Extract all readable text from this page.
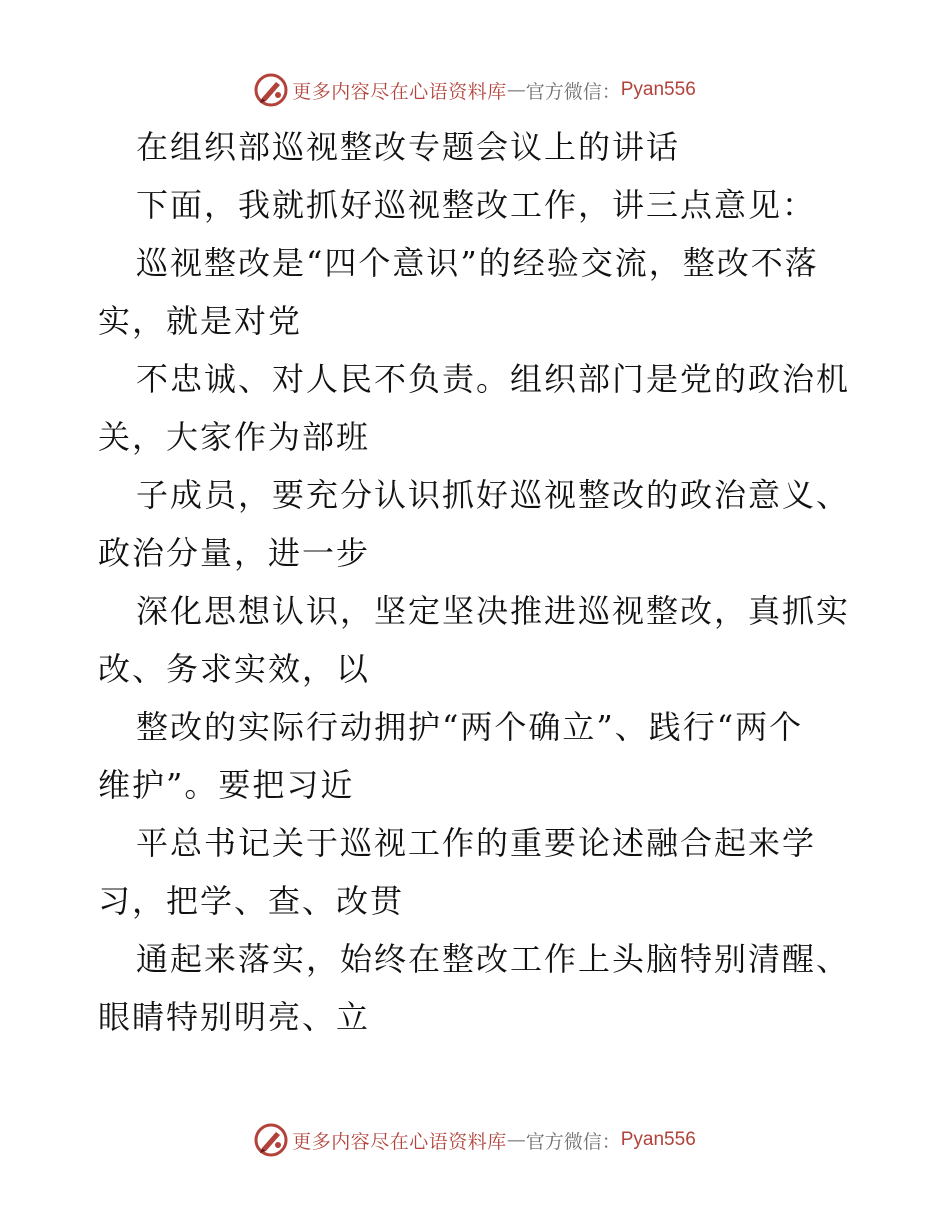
更多内容尽在心语资料库 — 官方微信： Pyan556
在组织部巡视整改专题会议上的讲话
下面，我就抓好巡视整改工作，讲三点意见：
巡视整改是“四个意识”的经验交流，整改不落
实，就是对党
不忠诚、对人民不负责。组织部门是党的政治机
关，大家作为部班
子成员，要充分认识抓好巡视整改的政治意义、
政治分量，进一步
深化思想认识，坚定坚决推进巡视整改，真抓实
改、务求实效，以
整改的实际行动拥护“两个确立”、践行“两个
维护”。要把习近
平总书记关于巡视工作的重要论述融合起来学
习，把学、查、改贯
通起来落实，始终在整改工作上头脑特别清醒、
眼睛特别明亮、立
更多内容尽在心语资料库 — 官方微信： Pyan556
